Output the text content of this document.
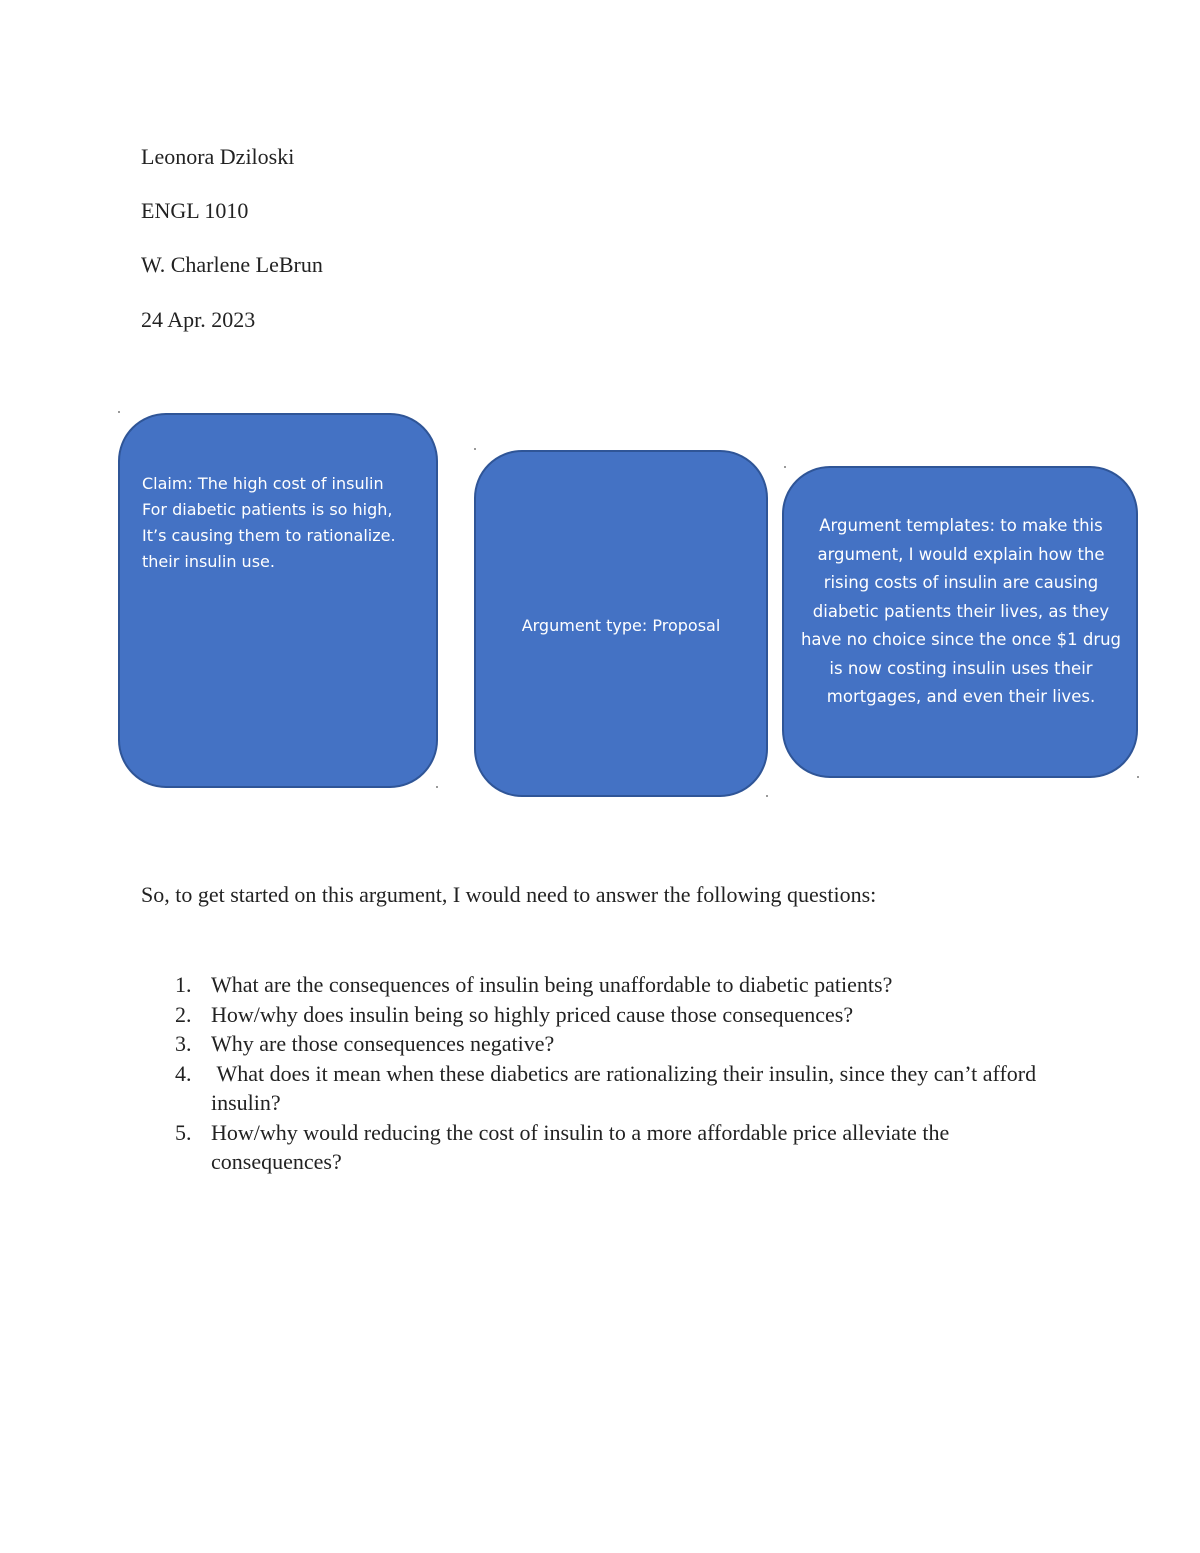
Leonora Dziloski
ENGL 1010
W. Charlene LeBrun
24 Apr. 2023
Claim: The high cost of insulin
For diabetic patients is so high,
It’s causing them to rationalize.
their insulin use.
Argument type: Proposal
Argument templates: to make this argument, I would explain how the rising costs of insulin are causing diabetic patients their lives, as they have no choice since the once $1 drug is now costing insulin uses their mortgages, and even their lives.
So, to get started on this argument, I would need to answer the following questions:
1. What are the consequences of insulin being unaffordable to diabetic patients?
2. How/why does insulin being so highly priced cause those consequences?
3. Why are those consequences negative?
4. What does it mean when these diabetics are rationalizing their insulin, since they can’t afford insulin?
5. How/why would reducing the cost of insulin to a more affordable price alleviate the consequences?
